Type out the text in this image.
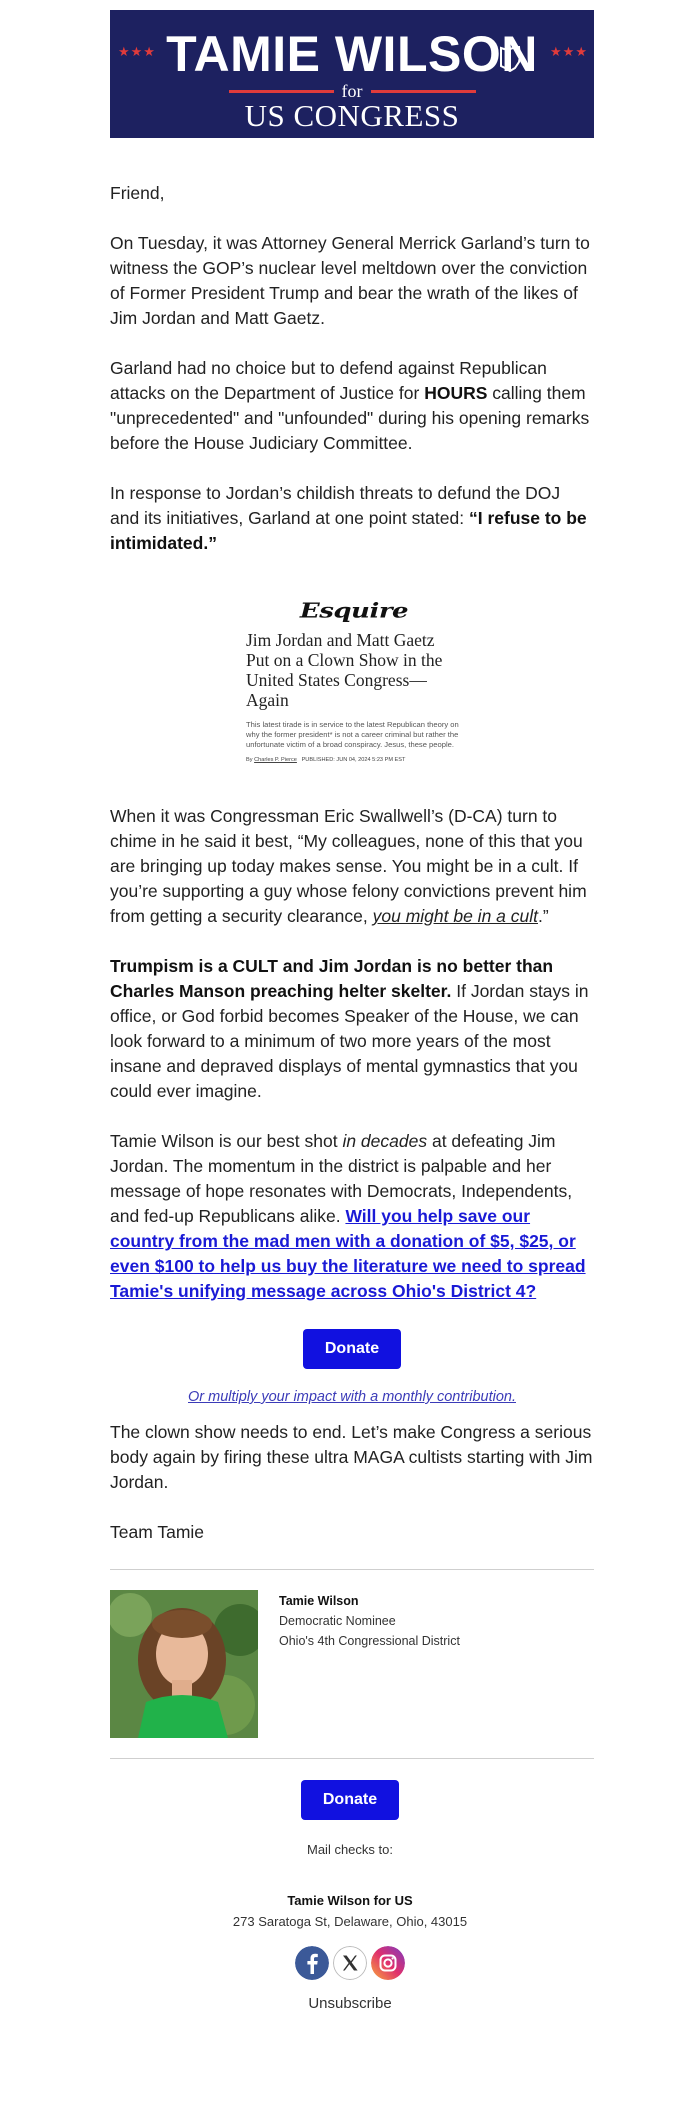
★★★ TAMIE WILSON ★★★
for
US CONGRESS

Friend,

On Tuesday, it was Attorney General Merrick Garland’s turn to witness the GOP’s nuclear level meltdown over the conviction of Former President Trump and bear the wrath of the likes of Jim Jordan and Matt Gaetz.

Garland had no choice but to defend against Republican attacks on the Department of Justice for HOURS calling them "unprecedented" and "unfounded" during his opening remarks before the House Judiciary Committee.

In response to Jordan’s childish threats to defund the DOJ and its initiatives, Garland at one point stated: “I refuse to be intimidated.”

Esquire
Jim Jordan and Matt Gaetz Put on a Clown Show in the United States Congress—Again
This latest tirade is in service to the latest Republican theory on why the former president* is not a career criminal but rather the unfortunate victim of a broad conspiracy. Jesus, these people.
By Charles P. Pierce PUBLISHED: JUN 04, 2024 5:23 PM EST

When it was Congressman Eric Swallwell’s (D-CA) turn to chime in he said it best, “My colleagues, none of this that you are bringing up today makes sense. You might be in a cult. If you’re supporting a guy whose felony convictions prevent him from getting a security clearance, you might be in a cult.”

Trumpism is a CULT and Jim Jordan is no better than Charles Manson preaching helter skelter. If Jordan stays in office, or God forbid becomes Speaker of the House, we can look forward to a minimum of two more years of the most insane and depraved displays of mental gymnastics that you could ever imagine.

Tamie Wilson is our best shot in decades at defeating Jim Jordan. The momentum in the district is palpable and her message of hope resonates with Democrats, Independents, and fed-up Republicans alike. Will you help save our country from the mad men with a donation of $5, $25, or even $100 to help us buy the literature we need to spread Tamie's unifying message across Ohio's District 4?

Donate

Or multiply your impact with a monthly contribution.

The clown show needs to end. Let’s make Congress a serious body again by firing these ultra MAGA cultists starting with Jim Jordan.

Team Tamie

Tamie Wilson
Democratic Nominee
Ohio's 4th Congressional District
Donate

Mail checks to:

Tamie Wilson for US

273 Saratoga St, Delaware, Ohio, 43015

Unsubscribe
